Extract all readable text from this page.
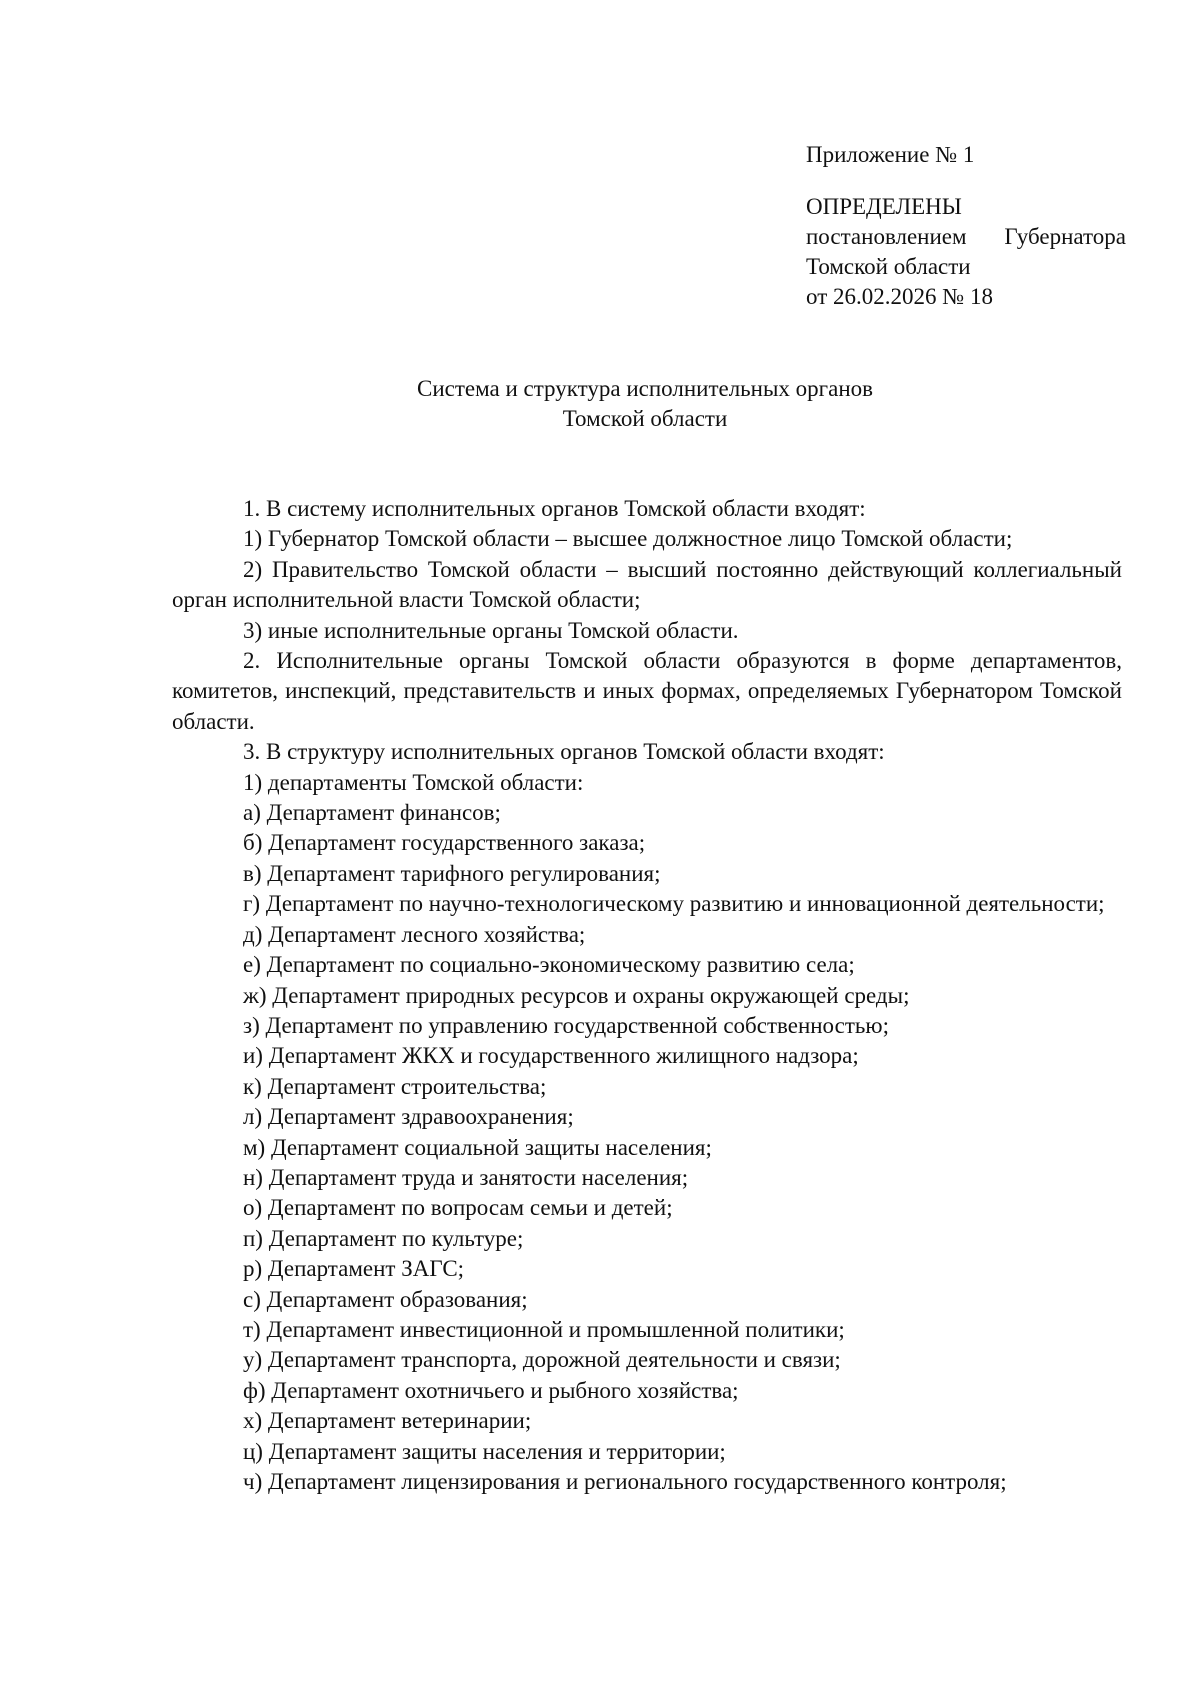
Приложение № 1
ОПРЕДЕЛЕНЫ
постановлением Губернатора
Томской области
от 26.02.2026 № 18
Система и структура исполнительных органов
Томской области

1. В систему исполнительных органов Томской области входят:

1) Губернатор Томской области – высшее должностное лицо Томской области;

2) Правительство Томской области – высший постоянно действующий коллегиальный орган исполнительной власти Томской области;

3) иные исполнительные органы Томской области.

2. Исполнительные органы Томской области образуются в форме департаментов, комитетов, инспекций, представительств и иных формах, определяемых Губернатором Томской области.

3. В структуру исполнительных органов Томской области входят:

1) департаменты Томской области:

а) Департамент финансов;

б) Департамент государственного заказа;

в) Департамент тарифного регулирования;

г) Департамент по научно-технологическому развитию и инновационной деятельности;

д) Департамент лесного хозяйства;

е) Департамент по социально-экономическому развитию села;

ж) Департамент природных ресурсов и охраны окружающей среды;

з) Департамент по управлению государственной собственностью;

и) Департамент ЖКХ и государственного жилищного надзора;

к) Департамент строительства;

л) Департамент здравоохранения;

м) Департамент социальной защиты населения;

н) Департамент труда и занятости населения;

о) Департамент по вопросам семьи и детей;

п) Департамент по культуре;

р) Департамент ЗАГС;

с) Департамент образования;

т) Департамент инвестиционной и промышленной политики;

у) Департамент транспорта, дорожной деятельности и связи;

ф) Департамент охотничьего и рыбного хозяйства;

х) Департамент ветеринарии;

ц) Департамент защиты населения и территории;

ч) Департамент лицензирования и регионального государственного контроля;
